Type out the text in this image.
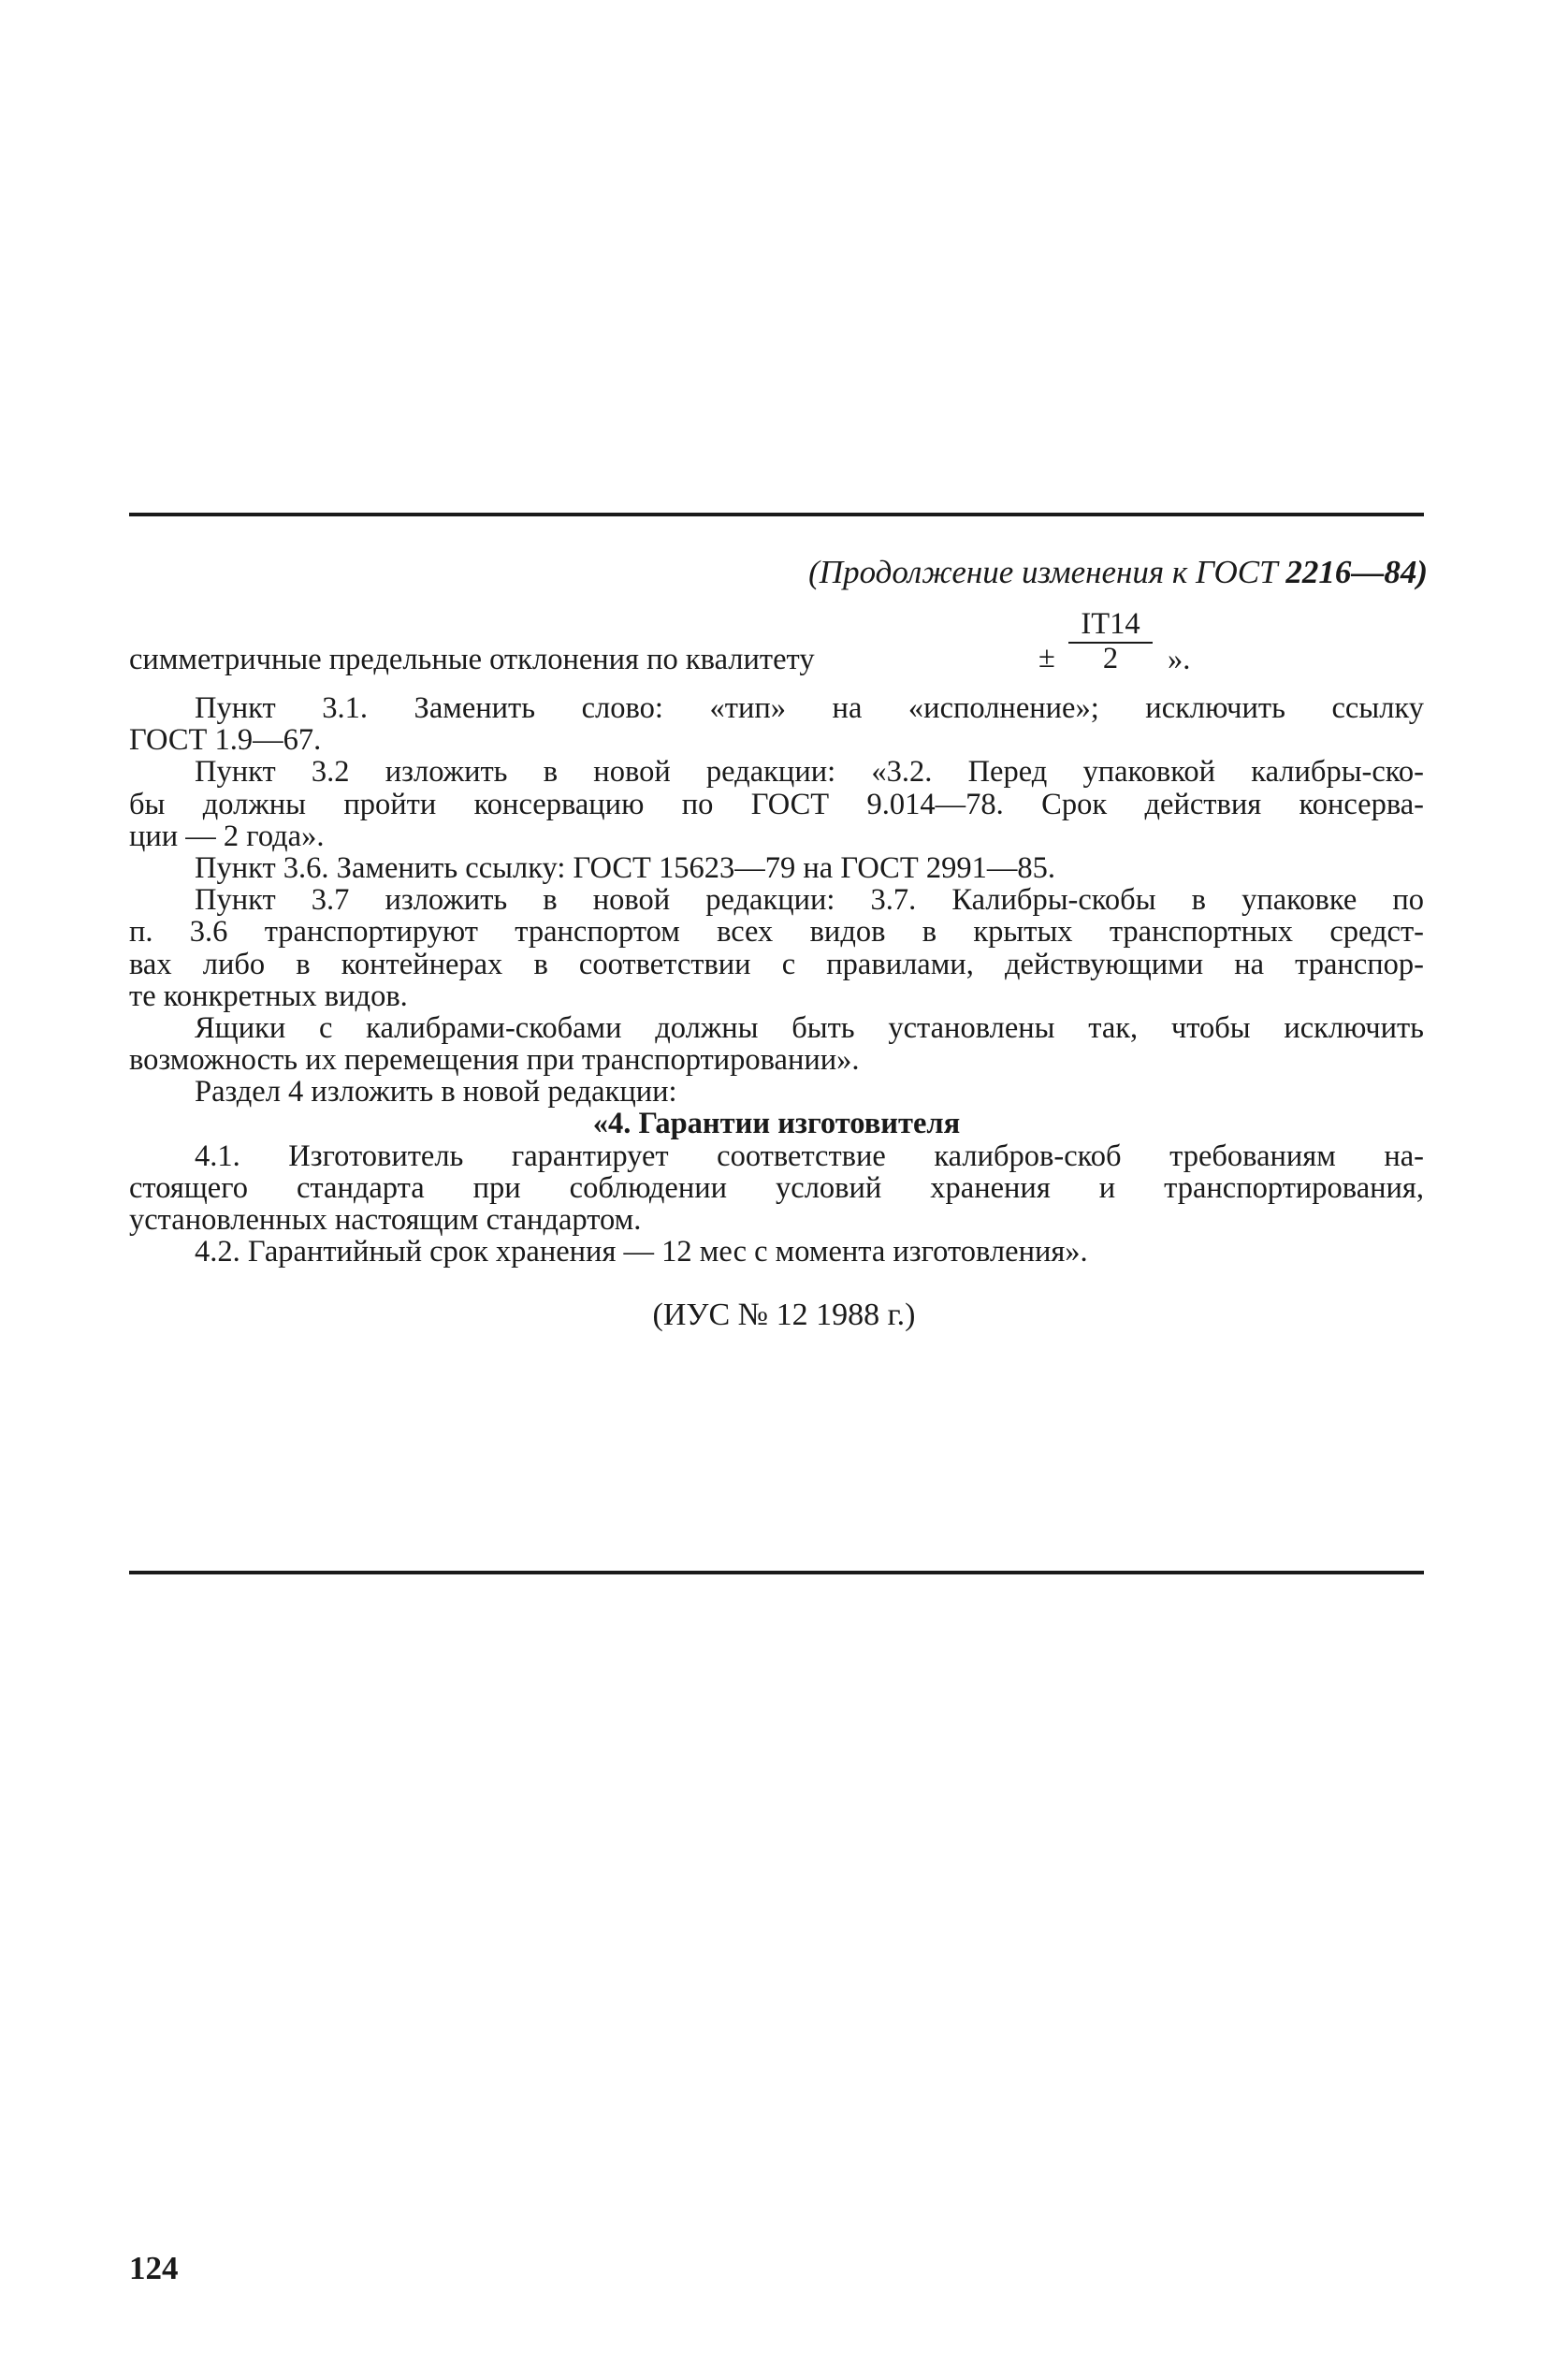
(Продолжение изменения к ГОСТ 2216—84)
симметричные предельные отклонения по квалитету	± $\frac{IT14}{2}$ ».
Пункт 3.1. Заменить слово: «тип» на «исполнение»; исключить ссылку
ГОСТ 1.9—67.
Пункт 3.2 изложить в новой редакции: «3.2. Перед упаковкой калибры-ско-
бы должны пройти консервацию по ГОСТ 9.014—78. Срок действия консерва-
ции — 2 года».
Пункт 3.6. Заменить ссылку: ГОСТ 15623—79 на ГОСТ 2991—85.
Пункт 3.7 изложить в новой редакции: 3.7. Калибры-скобы в упаковке по
п. 3.6 транспортируют транспортом всех видов в крытых транспортных средст-
вах либо в контейнерах в соответствии с правилами, действующими на транспор-
те конкретных видов.
Ящики с калибрами-скобами должны быть установлены так, чтобы исключить
возможность их перемещения при транспортировании».
Раздел 4 изложить в новой редакции:
«4. Гарантии изготовителя
4.1. Изготовитель гарантирует соответствие калибров-скоб требованиям на-
стоящего стандарта при соблюдении условий хранения и транспортирования,
установленных настоящим стандартом.
4.2. Гарантийный срок хранения — 12 мес с момента изготовления».
(ИУС № 12 1988 г.)
124
